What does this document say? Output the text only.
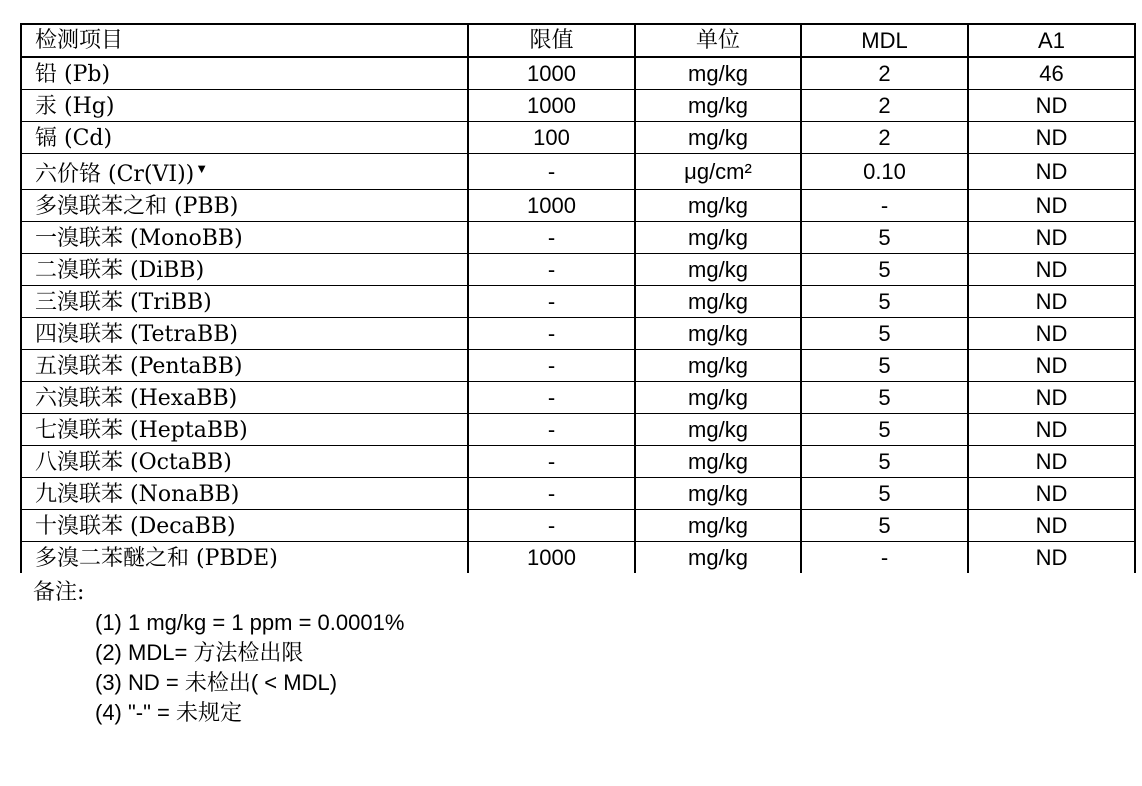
检测项目	限值	单位	MDL	A1
铅 (Pb)	1000	mg/kg	2	46
汞 (Hg)	1000	mg/kg	2	ND
镉 (Cd)	100	mg/kg	2	ND
六价铬 (Cr(VI))▼	-	μg/cm²	0.10	ND
多溴联苯之和 (PBB)	1000	mg/kg	-	ND
一溴联苯 (MonoBB)	-	mg/kg	5	ND
二溴联苯 (DiBB)	-	mg/kg	5	ND
三溴联苯 (TriBB)	-	mg/kg	5	ND
四溴联苯 (TetraBB)	-	mg/kg	5	ND
五溴联苯 (PentaBB)	-	mg/kg	5	ND
六溴联苯 (HexaBB)	-	mg/kg	5	ND
七溴联苯 (HeptaBB)	-	mg/kg	5	ND
八溴联苯 (OctaBB)	-	mg/kg	5	ND
九溴联苯 (NonaBB)	-	mg/kg	5	ND
十溴联苯 (DecaBB)	-	mg/kg	5	ND
多溴二苯醚之和 (PBDE)	1000	mg/kg	-	ND
备注:
(1) 1 mg/kg = 1 ppm = 0.0001%
(2) MDL= 方法检出限
(3) ND = 未检出( < MDL)
(4) "-" = 未规定
